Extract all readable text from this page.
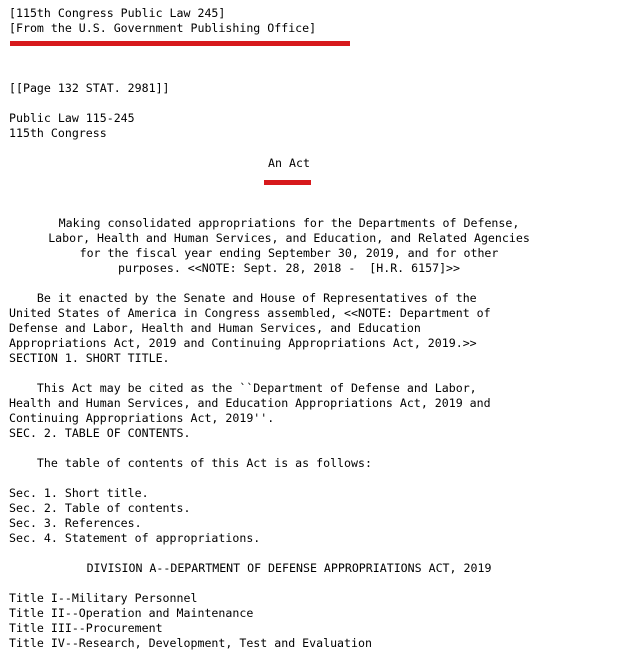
[115th Congress Public Law 245]
[From the U.S. Government Publishing Office]
[[Page 132 STAT. 2981]]
Public Law 115-245
115th Congress
An Act
Making consolidated appropriations for the Departments of Defense,
Labor, Health and Human Services, and Education, and Related Agencies
for the fiscal year ending September 30, 2019, and for other
purposes. <<NOTE: Sept. 28, 2018 -  [H.R. 6157]>>
Be it enacted by the Senate and House of Representatives of the
United States of America in Congress assembled, <<NOTE: Department of
Defense and Labor, Health and Human Services, and Education
Appropriations Act, 2019 and Continuing Appropriations Act, 2019.>>
SECTION 1. SHORT TITLE.
This Act may be cited as the ``Department of Defense and Labor,
Health and Human Services, and Education Appropriations Act, 2019 and
Continuing Appropriations Act, 2019''.
SEC. 2. TABLE OF CONTENTS.
The table of contents of this Act is as follows:
Sec. 1. Short title.
Sec. 2. Table of contents.
Sec. 3. References.
Sec. 4. Statement of appropriations.
DIVISION A--DEPARTMENT OF DEFENSE APPROPRIATIONS ACT, 2019
Title I--Military Personnel
Title II--Operation and Maintenance
Title III--Procurement
Title IV--Research, Development, Test and Evaluation
